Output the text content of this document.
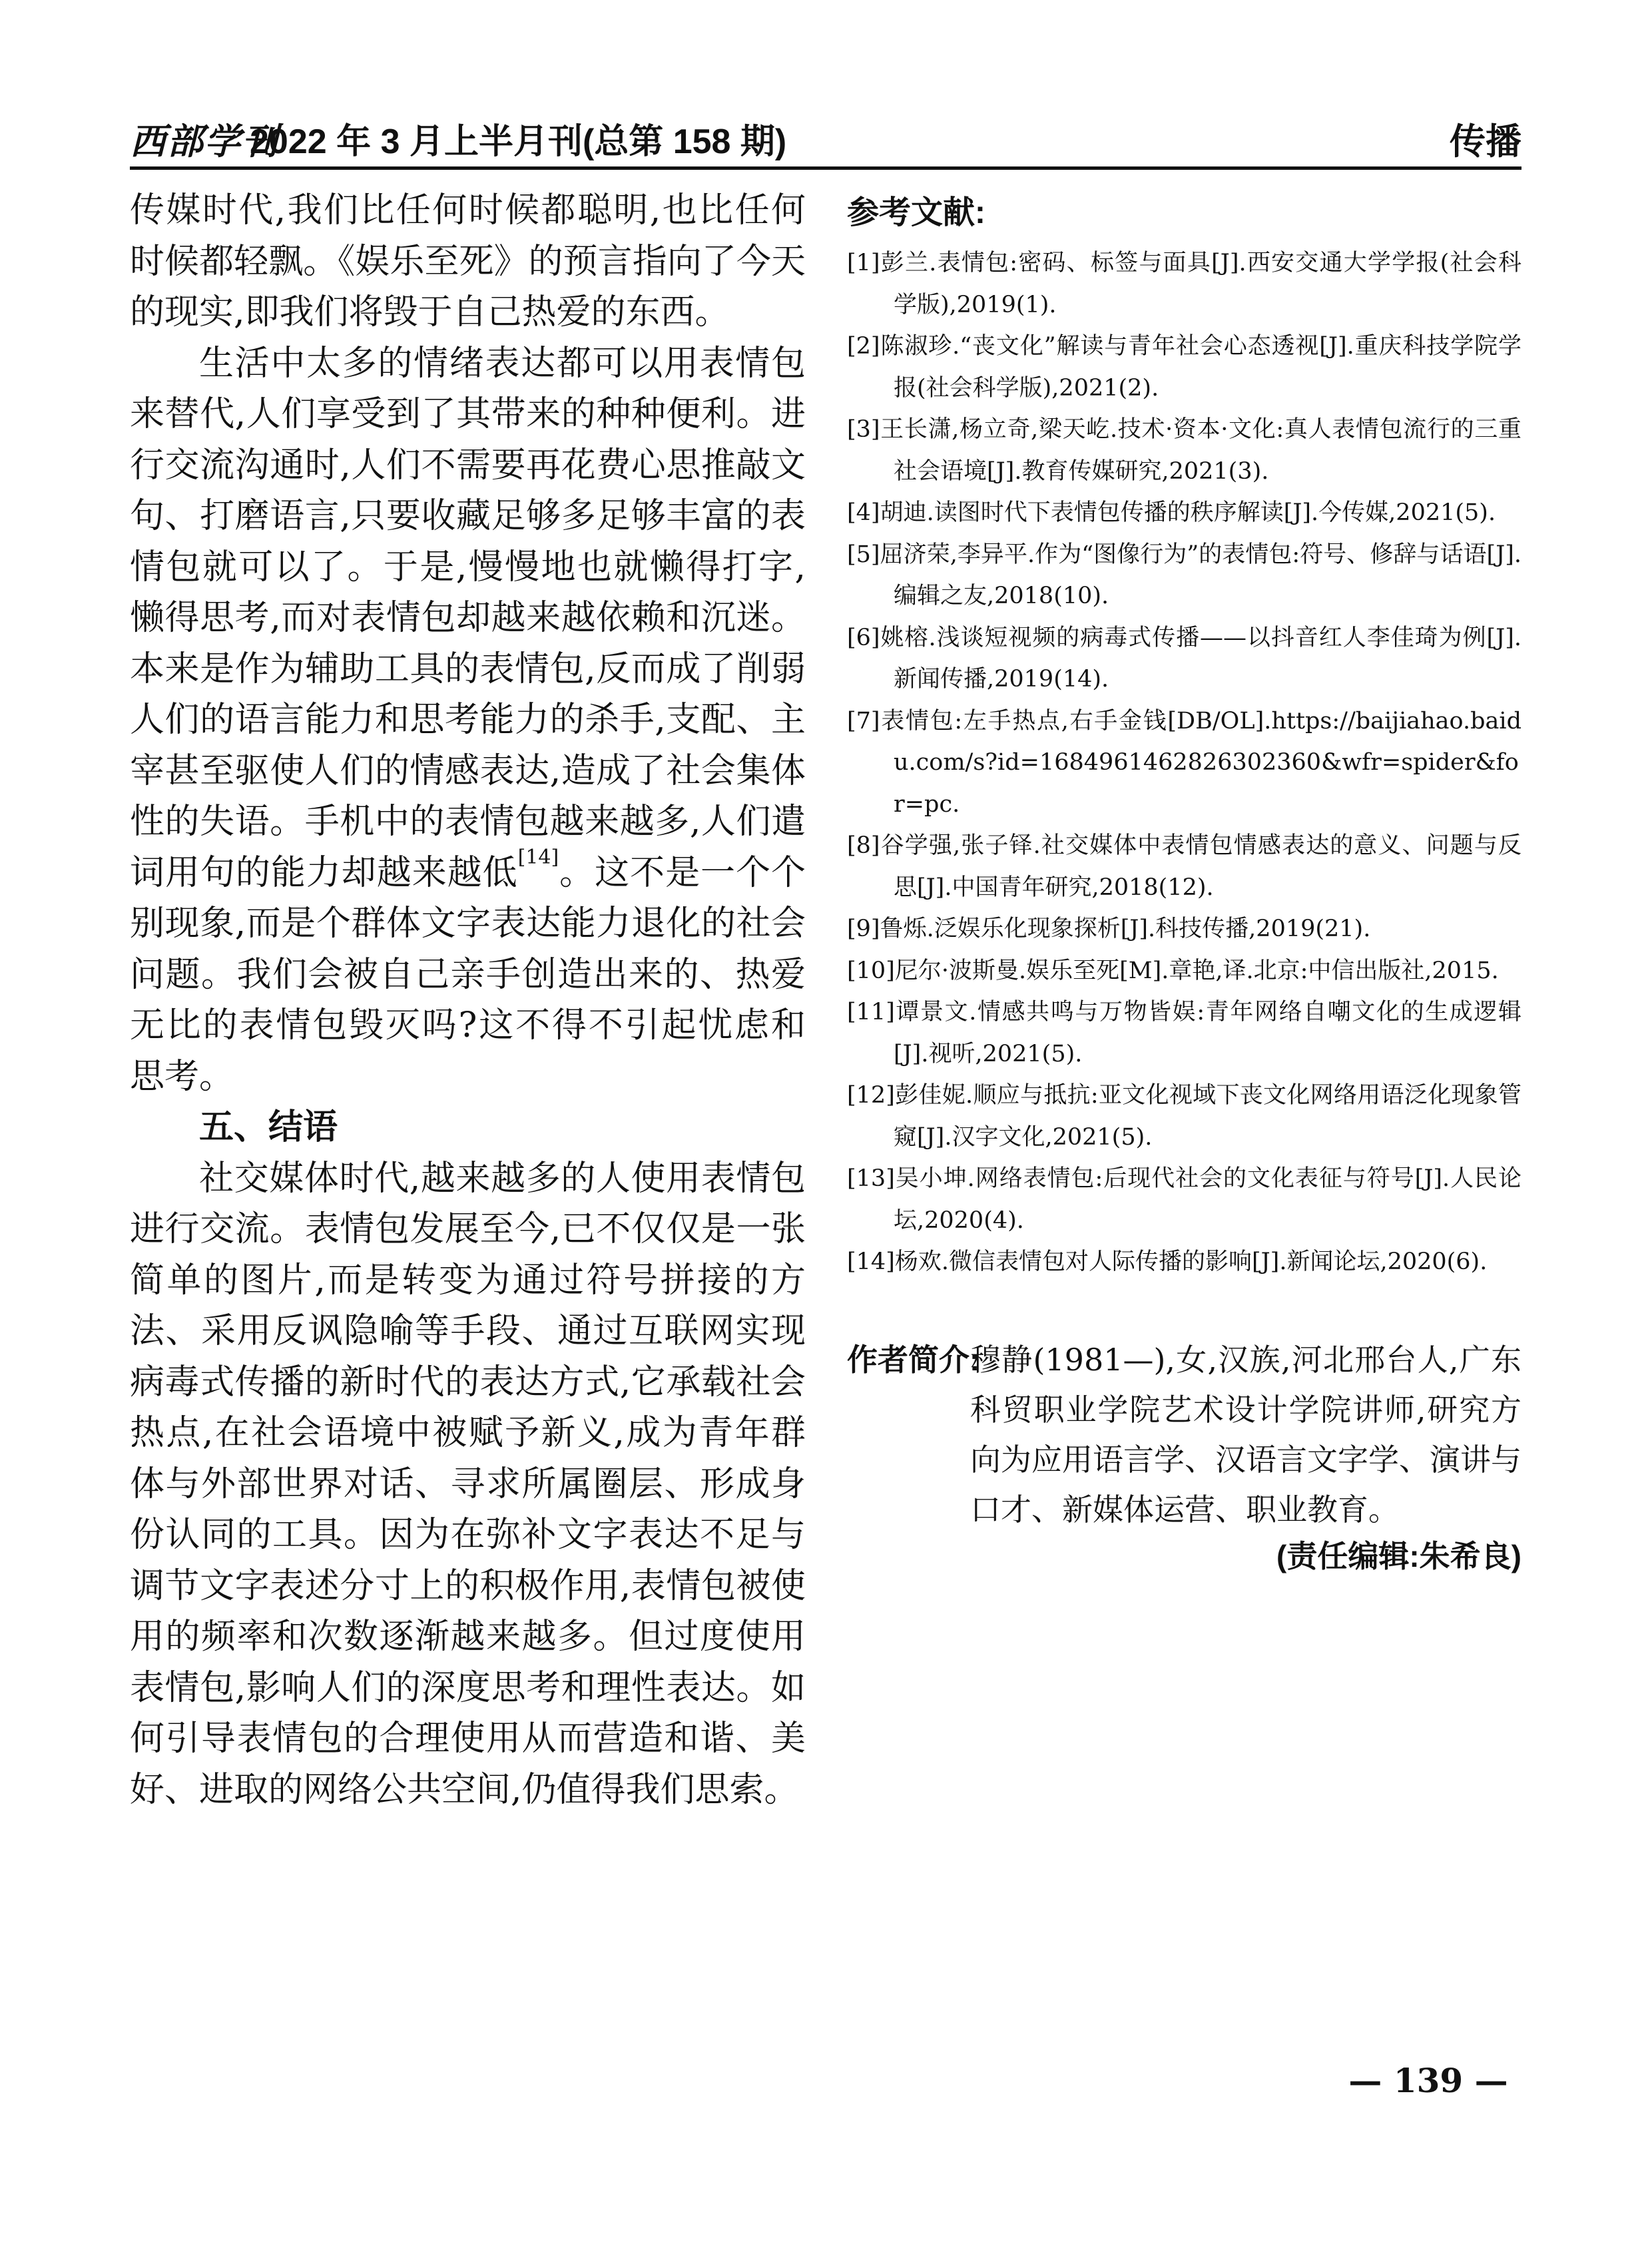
西部学刊
2022 年 3 月上半月刊(总第 158 期)	传播

传媒时代,我们比任何时候都聪明,也比任何时候都轻飘。《娱乐至死》的预言指向了今天的现实,即我们将毁于自己热爱的东西。

生活中太多的情绪表达都可以用表情包来替代,人们享受到了其带来的种种便利。进行交流沟通时,人们不需要再花费心思推敲文句、打磨语言,只要收藏足够多足够丰富的表情包就可以了。于是,慢慢地也就懒得打字,懒得思考,而对表情包却越来越依赖和沉迷。本来是作为辅助工具的表情包,反而成了削弱人们的语言能力和思考能力的杀手,支配、主宰甚至驱使人们的情感表达,造成了社会集体性的失语。手机中的表情包越来越多,人们遣词用句的能力却越来越低[14]。这不是一个个别现象,而是个群体文字表达能力退化的社会问题。我们会被自己亲手创造出来的、热爱无比的表情包毁灭吗?这不得不引起忧虑和思考。

五、结语

社交媒体时代,越来越多的人使用表情包进行交流。表情包发展至今,已不仅仅是一张简单的图片,而是转变为通过符号拼接的方法、采用反讽隐喻等手段、通过互联网实现病毒式传播的新时代的表达方式,它承载社会热点,在社会语境中被赋予新义,成为青年群体与外部世界对话、寻求所属圈层、形成身份认同的工具。因为在弥补文字表达不足与调节文字表述分寸上的积极作用,表情包被使用的频率和次数逐渐越来越多。但过度使用表情包,影响人们的深度思考和理性表达。如何引导表情包的合理使用从而营造和谐、美好、进取的网络公共空间,仍值得我们思索。

参考文献:
[1]彭兰.表情包:密码、标签与面具[J].西安交通大学学报(社会科学版),2019(1).
[2]陈淑珍.“丧文化”解读与青年社会心态透视[J].重庆科技学院学报(社会科学版),2021(2).
[3]王长潇,杨立奇,梁天屹.技术·资本·文化:真人表情包流行的三重社会语境[J].教育传媒研究,2021(3).
[4]胡迪.读图时代下表情包传播的秩序解读[J].今传媒,2021(5).
[5]屈济荣,李异平.作为“图像行为”的表情包:符号、修辞与话语[J].编辑之友,2018(10).
[6]姚榕.浅谈短视频的病毒式传播——以抖音红人李佳琦为例[J].新闻传播,2019(14).
[7]表情包:左手热点,右手金钱[DB/OL].https://baijiahao.baidu.com/s?id=1684961462826302360&wfr=spider&for=pc.
[8]谷学强,张子铎.社交媒体中表情包情感表达的意义、问题与反思[J].中国青年研究,2018(12).
[9]鲁烁.泛娱乐化现象探析[J].科技传播,2019(21).
[10]尼尔·波斯曼.娱乐至死[M].章艳,译.北京:中信出版社,2015.
[11]谭景文.情感共鸣与万物皆娱:青年网络自嘲文化的生成逻辑[J].视听,2021(5).
[12]彭佳妮.顺应与抵抗:亚文化视域下丧文化网络用语泛化现象管窥[J].汉字文化,2021(5).
[13]吴小坤.网络表情包:后现代社会的文化表征与符号[J].人民论坛,2020(4).
[14]杨欢.微信表情包对人际传播的影响[J].新闻论坛,2020(6).
作者简介:
穆静(1981—),女,汉族,河北邢台人,广东科贸职业学院艺术设计学院讲师,研究方向为应用语言学、汉语言文字学、演讲与口才、新媒体运营、职业教育。
(责任编辑:朱希良)
— 139 —
